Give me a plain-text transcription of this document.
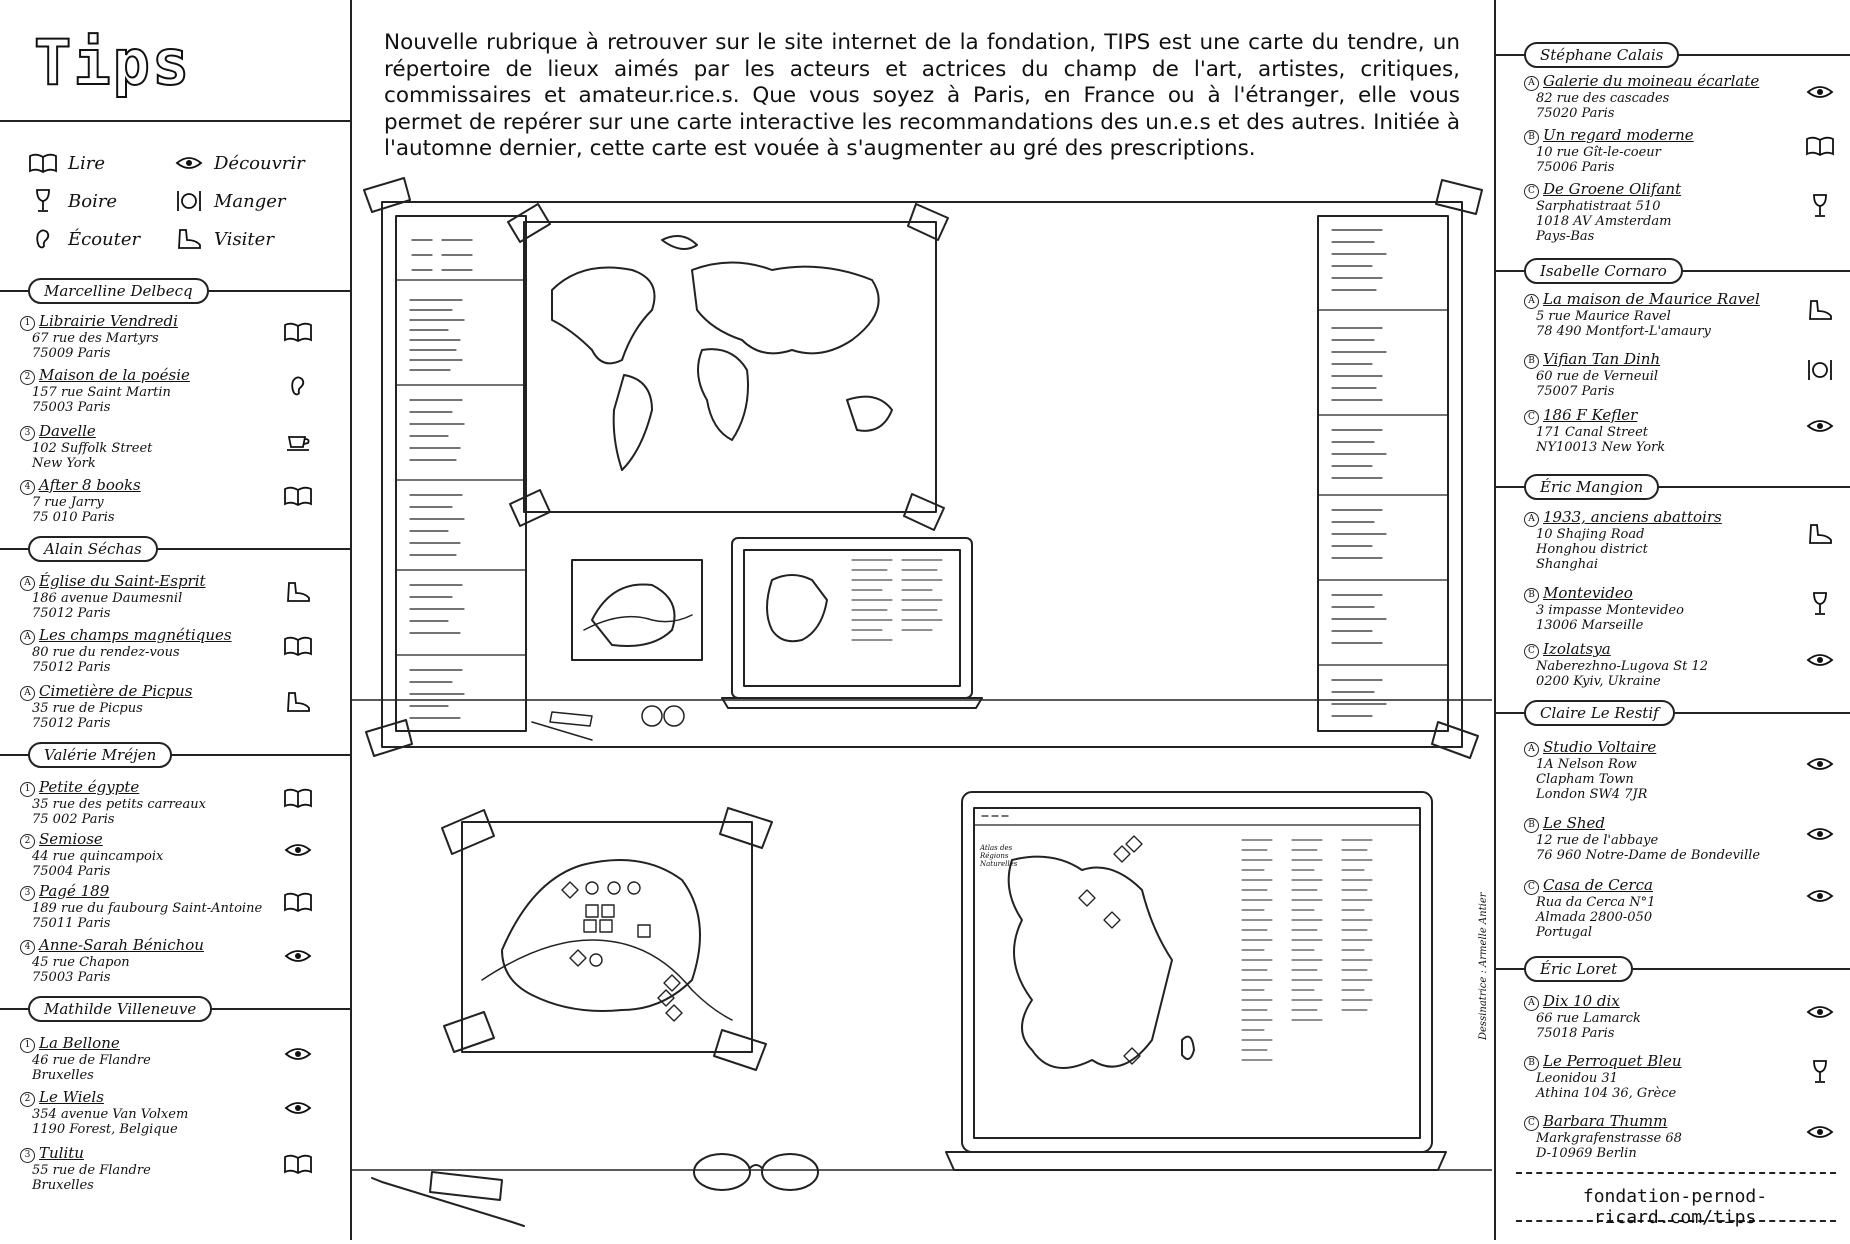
Tips
Lire	Découvrir
Boire	Manger
Écouter	Visiter
Marcelline Delbecq
1 Librairie Vendredi
67 rue des Martyrs
75009 Paris
2 Maison de la poésie
157 rue Saint Martin
75003 Paris
3 Davelle
102 Suffolk Street
New York
4 After 8 books
7 rue Jarry
75 010 Paris
Alain Séchas
A Église du Saint-Esprit
186 avenue Daumesnil
75012 Paris
A Les champs magnétiques
80 rue du rendez-vous
75012 Paris
A Cimetière de Picpus
35 rue de Picpus
75012 Paris
Valérie Mréjen
1 Petite égypte
35 rue des petits carreaux
75 002 Paris
2 Semiose
44 rue quincampoix
75004 Paris
3 Pagé 189
189 rue du faubourg Saint-Antoine
75011 Paris
4 Anne-Sarah Bénichou
45 rue Chapon
75003 Paris
Mathilde Villeneuve
1 La Bellone
46 rue de Flandre
Bruxelles
2 Le Wiels
354 avenue Van Volxem
1190 Forest, Belgique
3 Tulitu
55 rue de Flandre
Bruxelles
Nouvelle rubrique à retrouver sur le site internet de la fondation, TIPS est une carte du tendre, un répertoire de lieux aimés par les acteurs et actrices du champ de l'art, artistes, critiques, commissaires et amateur.rice.s. Que vous soyez à Paris, en France ou à l'étranger, elle vous permet de repérer sur une carte interactive les recommandations des un.e.s et des autres. Initiée à l'automne dernier, cette carte est vouée à s'augmenter au gré des prescriptions.
Atlas des Régions Naturelles
Stéphane Calais
A Galerie du moineau écarlate
82 rue des cascades
75020 Paris
B Un regard moderne
10 rue Gît-le-coeur
75006 Paris
C De Groene Olifant
Sarphatistraat 510
1018 AV Amsterdam
Pays-Bas
Isabelle Cornaro
A La maison de Maurice Ravel
5 rue Maurice Ravel
78 490 Montfort-L'amaury
B Vifian Tan Dinh
60 rue de Verneuil
75007 Paris
C 186 F Kefler
171 Canal Street
NY10013 New York
Éric Mangion
A 1933, anciens abattoirs
10 Shajing Road
Honghou district
Shanghai
B Montevideo
3 impasse Montevideo
13006 Marseille
C Izolatsya
Naberezhno-Lugova St 12
0200 Kyiv, Ukraine
Claire Le Restif
A Studio Voltaire
1A Nelson Row
Clapham Town
London SW4 7JR
B Le Shed
12 rue de l'abbaye
76 960 Notre-Dame de Bondeville
C Casa de Cerca
Rua da Cerca N°1
Almada 2800-050
Portugal
Éric Loret
A Dix 10 dix
66 rue Lamarck
75018 Paris
B Le Perroquet Bleu
Leonidou 31
Athina 104 36, Grèce
C Barbara Thumm
Markgrafenstrasse 68
D-10969 Berlin
fondation-pernod-ricard.com/tips
Dessinatrice : Armelle Antier
